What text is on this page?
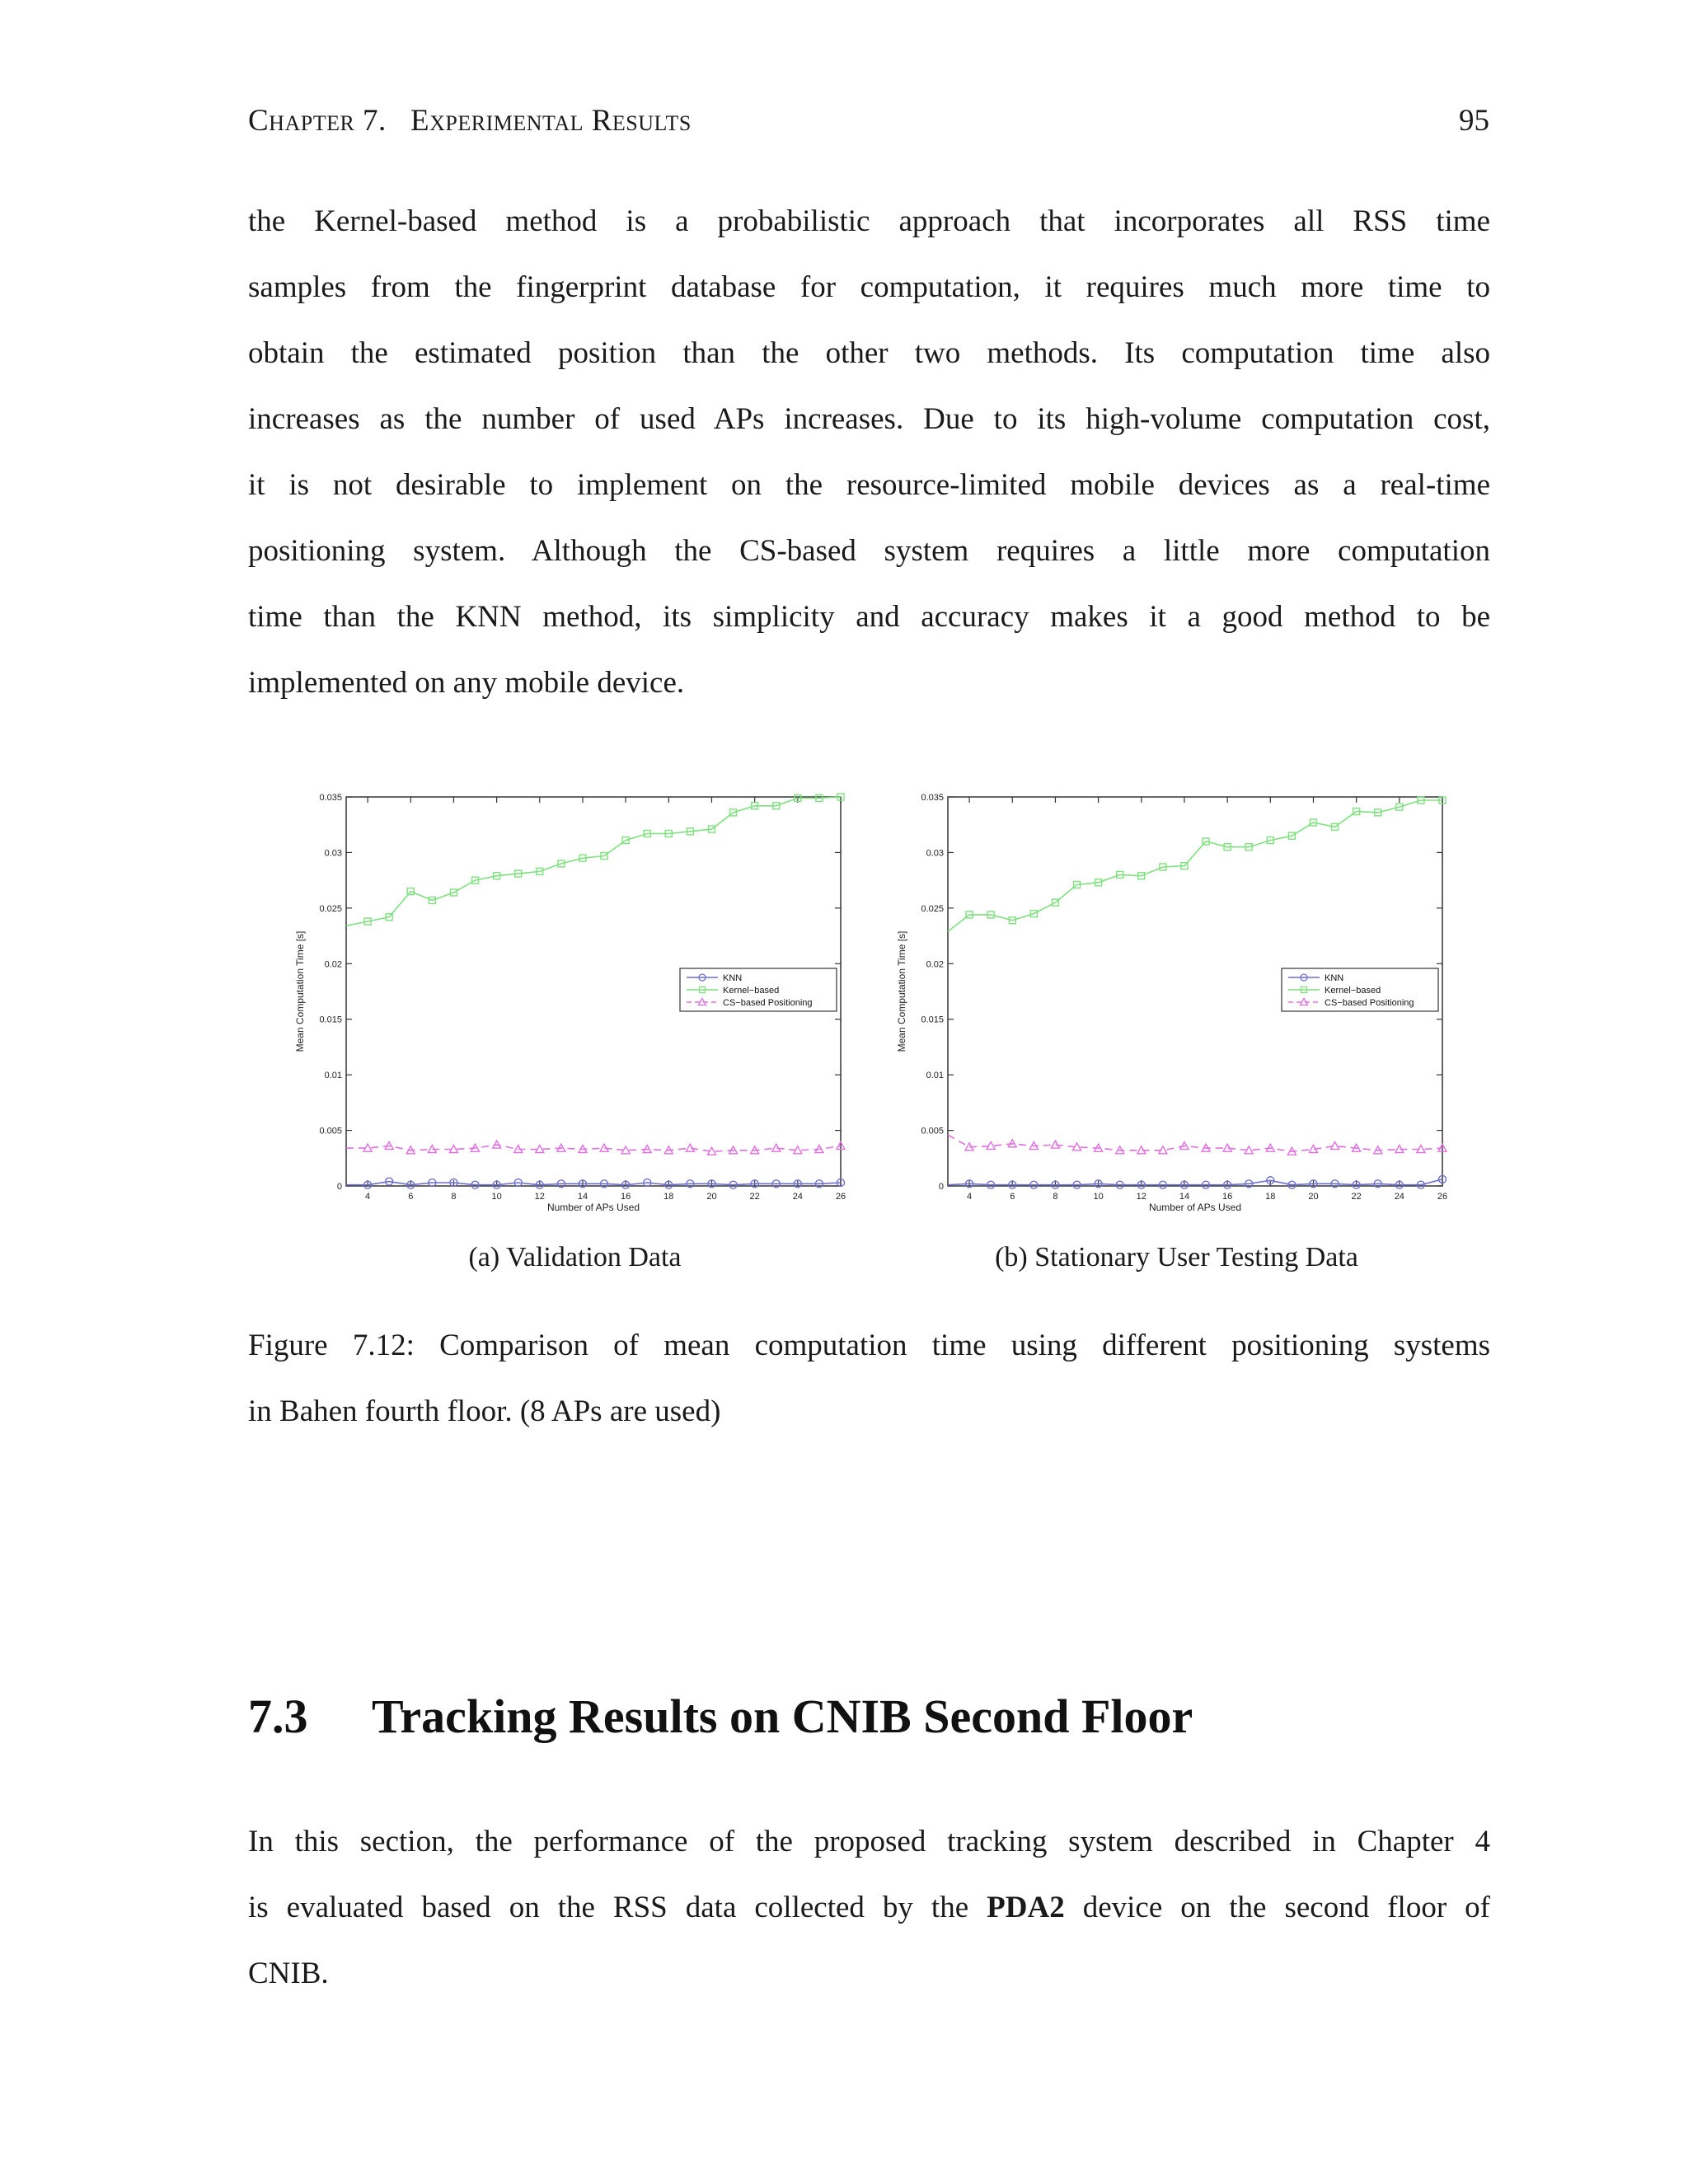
Chapter 7.   Experimental Results	95
the Kernel-based method is a probabilistic approach that incorporates all RSS time
samples from the fingerprint database for computation, it requires much more time to
obtain the estimated position than the other two methods. Its computation time also
increases as the number of used APs increases. Due to its high-volume computation cost,
it is not desirable to implement on the resource-limited mobile devices as a real-time
positioning system. Although the CS-based system requires a little more computation
time than the KNN method, its simplicity and accuracy makes it a good method to be
implemented on any mobile device.
0
0.005
0.01
0.015
0.02
0.025
0.03
0.035
4	6	8	10	12	14	16	18	20	22	24	26
Number of APs Used
Mean Computation Time [s]	KNN
Kernel−based
CS−based Positioning
(a) Validation Data
0
0.005
0.01
0.015
0.02
0.025
0.03
0.035
4	6	8	10	12	14	16	18	20	22	24	26
Number of APs Used
Mean Computation Time [s]	KNN
Kernel−based
CS−based Positioning
(b) Stationary User Testing Data
Figure 7.12: Comparison of mean computation time using different positioning systems
in Bahen fourth floor. (8 APs are used)
7.3 Tracking Results on CNIB Second Floor
In this section, the performance of the proposed tracking system described in Chapter 4
is evaluated based on the RSS data collected by the PDA2 device on the second floor of
CNIB.
